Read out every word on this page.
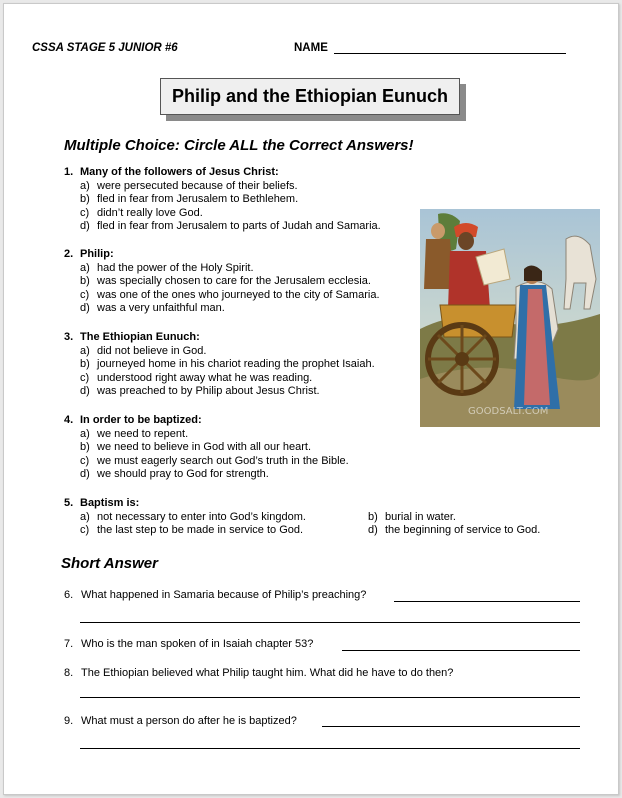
CSSA STAGE 5 JUNIOR #6	NAME
Philip and the Ethiopian Eunuch
Multiple Choice: Circle ALL the Correct Answers!
1. Many of the followers of Jesus Christ:
a) were persecuted because of their beliefs.
b) fled in fear from Jerusalem to Bethlehem.
c) didn’t really love God.
d) fled in fear from Jerusalem to parts of Judah and Samaria.
2. Philip:
a) had the power of the Holy Spirit.
b) was specially chosen to care for the Jerusalem ecclesia.
c) was one of the ones who journeyed to the city of Samaria.
d) was a very unfaithful man.
3. The Ethiopian Eunuch:
a) did not believe in God.
b) journeyed home in his chariot reading the prophet Isaiah.
c) understood right away what he was reading.
d) was preached to by Philip about Jesus Christ.
4. In order to be baptized:
a) we need to repent.
b) we need to believe in God with all our heart.
c) we must eagerly search out God’s truth in the Bible.
d) we should pray to God for strength.
5. Baptism is:
a) not necessary to enter into God’s kingdom.	b) burial in water.
c) the last step to be made in service to God.	d) the beginning of service to God.
GOODSALT.COM
Short Answer
6. What happened in Samaria because of Philip’s preaching?
7. Who is the man spoken of in Isaiah chapter 53?
8. The Ethiopian believed what Philip taught him. What did he have to do then?
9. What must a person do after he is baptized?
